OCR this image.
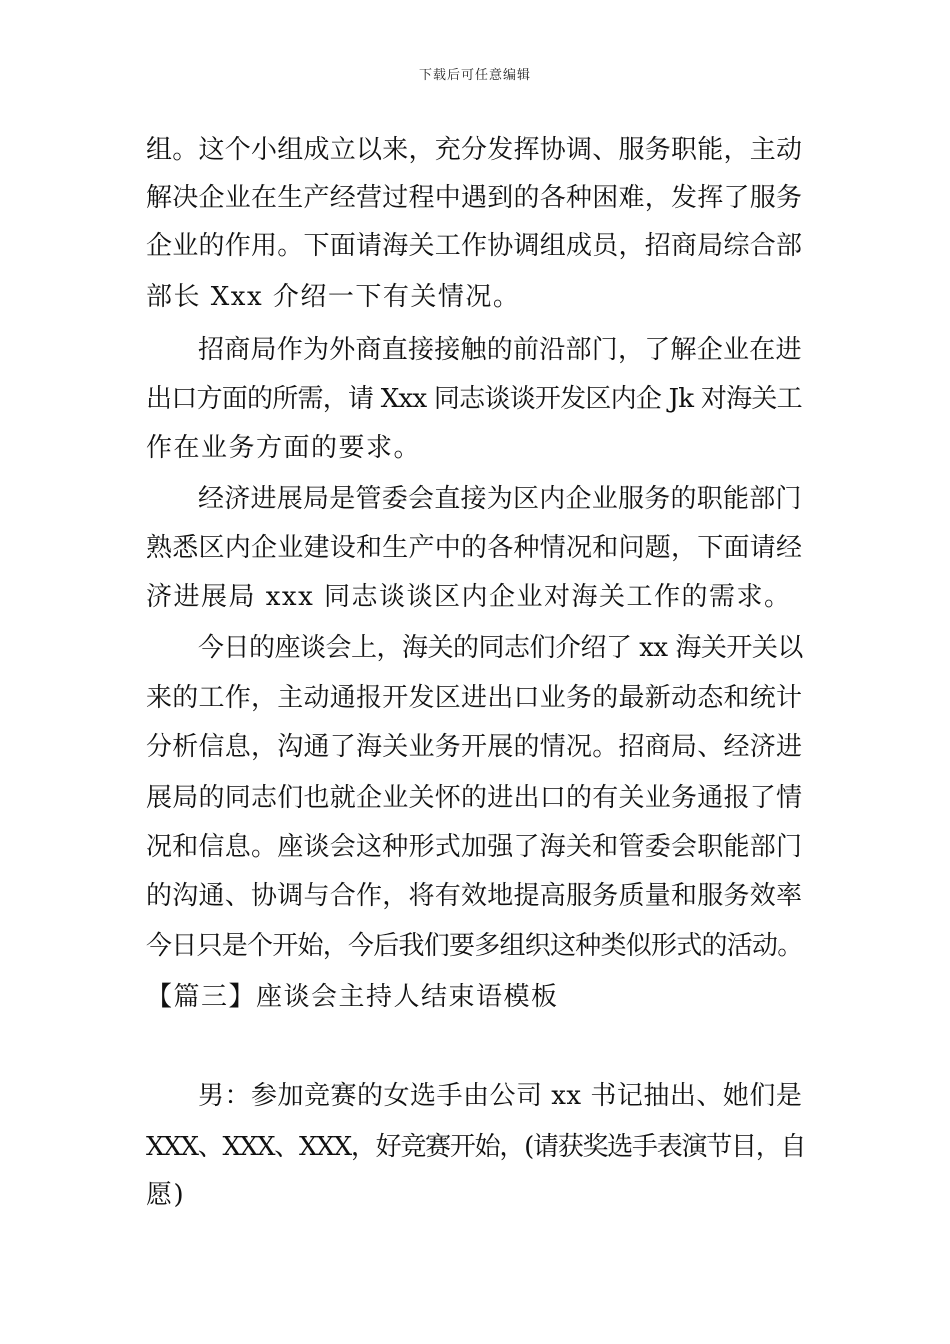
下载后可任意编辑
组。这个小组成立以来，充分发挥协调、服务职能，主动
解决企业在生产经营过程中遇到的各种困难，发挥了服务
企业的作用。下面请海关工作协调组成员，招商局综合部
部长 Xxx 介绍一下有关情况。
招商局作为外商直接接触的前沿部门，了解企业在进
出口方面的所需，请 Xxx 同志谈谈开发区内企 Jk 对海关工
作在业务方面的要求。
经济进展局是管委会直接为区内企业服务的职能部门
熟悉区内企业建设和生产中的各种情况和问题，下面请经
济进展局 xxx 同志谈谈区内企业对海关工作的需求。
今日的座谈会上，海关的同志们介绍了 xx 海关开关以
来的工作，主动通报开发区进出口业务的最新动态和统计
分析信息，沟通了海关业务开展的情况。招商局、经济进
展局的同志们也就企业关怀的进出口的有关业务通报了情
况和信息。座谈会这种形式加强了海关和管委会职能部门
的沟通、协调与合作，将有效地提高服务质量和服务效率
今日只是个开始，今后我们要多组织这种类似形式的活动。
【篇三】座谈会主持人结束语模板
男：参加竞赛的女选手由公司 xx 书记抽出、她们是
XXX、XXX、XXX，好竞赛开始，(请获奖选手表演节目，自
愿)
